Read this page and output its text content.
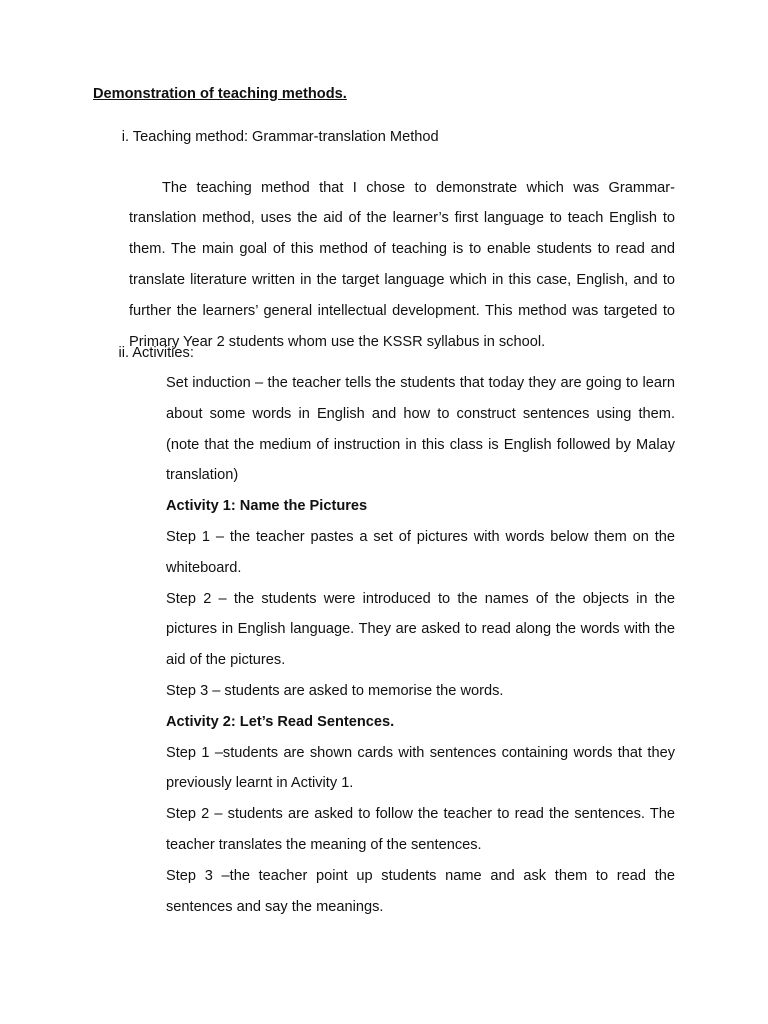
Demonstration of teaching methods.
i. Teaching method: Grammar-translation Method

The teaching method that I chose to demonstrate which was Grammar-translation method, uses the aid of the learner’s first language to teach English to them. The main goal of this method of teaching is to enable students to read and translate literature written in the target language which in this case, English, and to further the learners’ general intellectual development. This method was targeted to Primary Year 2 students whom use the KSSR syllabus in school.

ii. Activities:

Set induction – the teacher tells the students that today they are going to learn about some words in English and how to construct sentences using them. (note that the medium of instruction in this class is English followed by Malay translation)

Activity 1: Name the Pictures

Step 1 – the teacher pastes a set of pictures with words below them on the whiteboard.

Step 2 – the students were introduced to the names of the objects in the pictures in English language. They are asked to read along the words with the aid of the pictures.

Step 3 – students are asked to memorise the words.

Activity 2: Let’s Read Sentences.

Step 1 –students are shown cards with sentences containing words that they previously learnt in Activity 1.

Step 2 – students are asked to follow the teacher to read the sentences. The teacher translates the meaning of the sentences.

Step 3 –the teacher point up students name and ask them to read the sentences and say the meanings.
